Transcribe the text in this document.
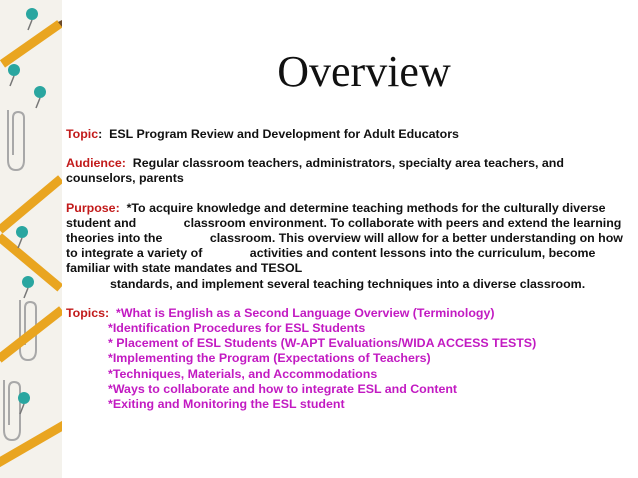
Overview
Topic:  ESL Program Review and Development for Adult Educators
Audience:  Regular classroom teachers, administrators, specialty area teachers, and counselors, parents
Purpose:  *To acquire knowledge and determine teaching methods for the culturally diverse student and	classroom environment. To collaborate with peers and extend the learning theories into the	classroom. This overview will allow for a better understanding on how to integrate a variety of	activities and content lessons into the curriculum, become familiar with state mandates and TESOL
standards, and implement several teaching techniques into a diverse classroom.
Topics:  *What is English as a Second Language Overview (Terminology)
*Identification Procedures for ESL Students
* Placement of ESL Students (W-APT Evaluations/WIDA ACCESS TESTS)
*Implementing the Program (Expectations of Teachers)
*Techniques, Materials, and Accommodations
*Ways to collaborate and how to integrate ESL and Content
*Exiting and Monitoring the ESL student
